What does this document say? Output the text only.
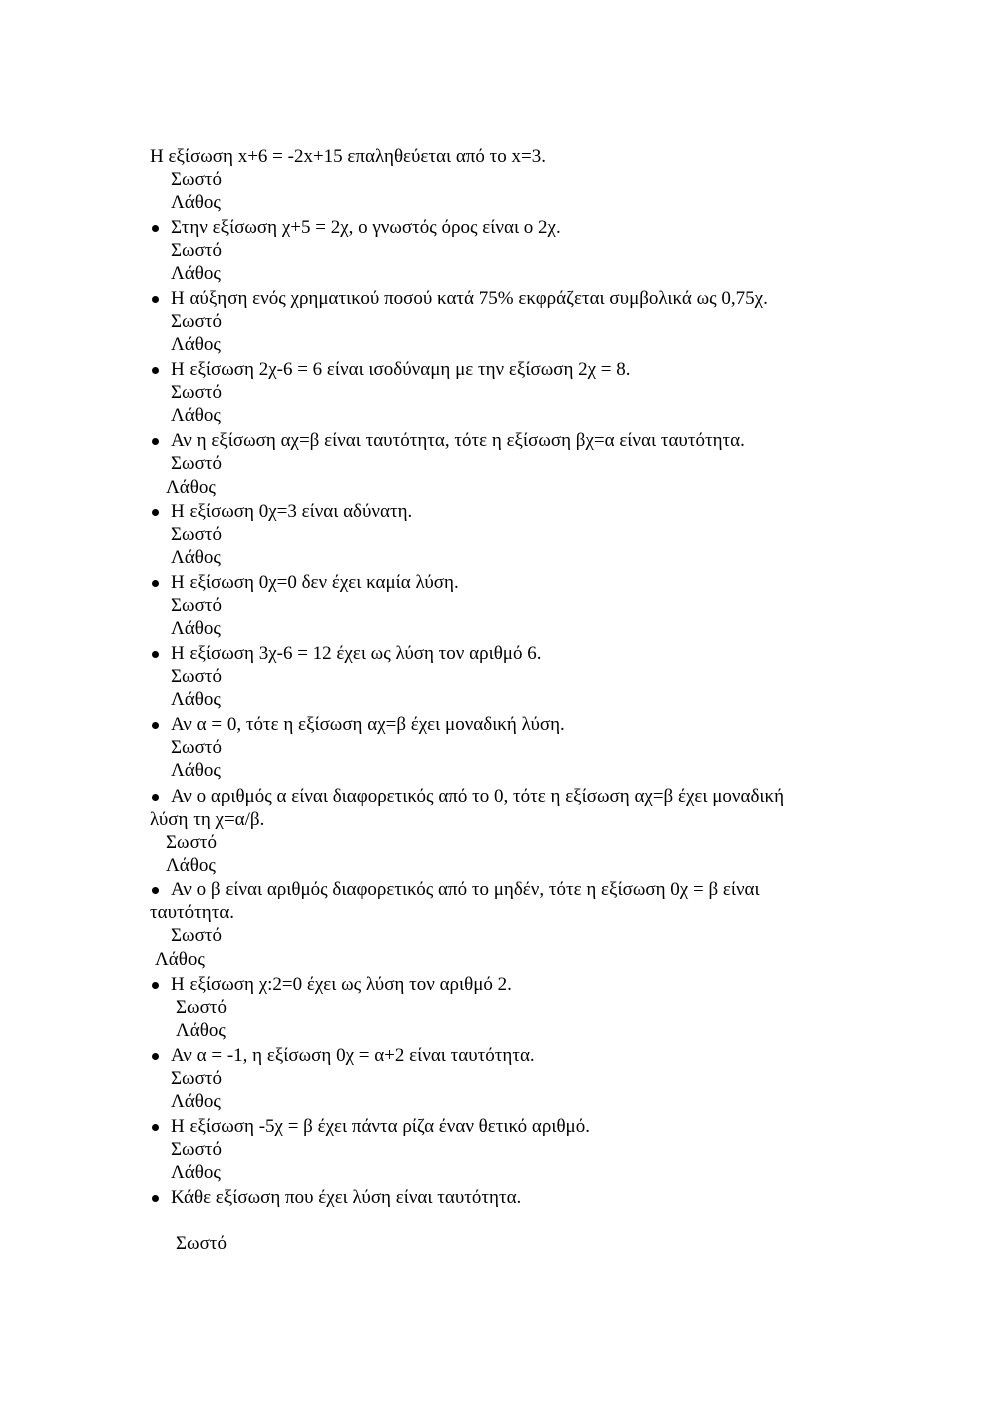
Η εξίσωση x+6 = -2x+15 επαληθεύεται από το x=3.
Σωστό
Λάθος
Στην εξίσωση χ+5 = 2χ, ο γνωστός όρος είναι ο 2χ.
Σωστό
Λάθος
Η αύξηση ενός χρηματικού ποσού κατά 75% εκφράζεται συμβολικά ως 0,75χ.
Σωστό
Λάθος
Η εξίσωση 2χ-6 = 6 είναι ισοδύναμη με την εξίσωση 2χ = 8.
Σωστό
Λάθος
Αν η εξίσωση αχ=β είναι ταυτότητα, τότε η εξίσωση βχ=α είναι ταυτότητα.
Σωστό
Λάθος
Η εξίσωση 0χ=3 είναι αδύνατη.
Σωστό
Λάθος
Η εξίσωση 0χ=0 δεν έχει καμία λύση.
Σωστό
Λάθος
Η εξίσωση 3χ-6 = 12 έχει ως λύση τον αριθμό 6.
Σωστό
Λάθος
Αν α = 0, τότε η εξίσωση αχ=β έχει μοναδική λύση.
Σωστό
Λάθος
Αν ο αριθμός α είναι διαφορετικός από το 0, τότε η εξίσωση αχ=β έχει μοναδική
λύση τη χ=α/β.
Σωστό
Λάθος
Αν ο β είναι αριθμός διαφορετικός από το μηδέν, τότε η εξίσωση 0χ = β είναι
ταυτότητα.
Σωστό
Λάθος
Η εξίσωση χ:2=0 έχει ως λύση τον αριθμό 2.
Σωστό
Λάθος
Αν α = -1, η εξίσωση 0χ = α+2 είναι ταυτότητα.
Σωστό
Λάθος
Η εξίσωση -5χ = β έχει πάντα ρίζα έναν θετικό αριθμό.
Σωστό
Λάθος
Κάθε εξίσωση που έχει λύση είναι ταυτότητα.
Σωστό
